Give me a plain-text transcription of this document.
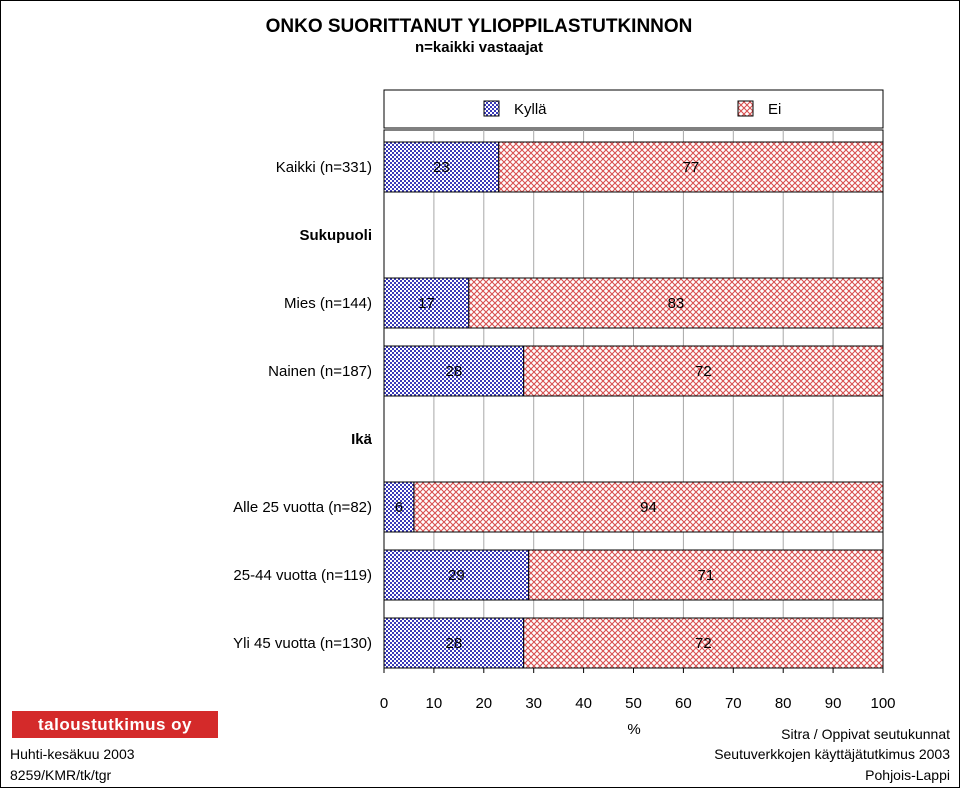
ONKO SUORITTANUT YLIOPPILASTUTKINNON
n=kaikki vastaajat
Kyllä	Ei
23	77
17	83
28	72
6	94
29	71
28	72
Kaikki (n=331)
Sukupuoli
Mies (n=144)
Nainen (n=187)
Ikä
Alle 25 vuotta (n=82)
25-44 vuotta (n=119)
Yli 45 vuotta (n=130)
0 10 20 30 40 50 60 70 80 90 100
%
Huhti-kesäkuu 2003
8259/KMR/tk/tgr
Sitra / Oppivat seutukunnat
Seutuverkkojen käyttäjätutkimus 2003
Pohjois-Lappi
taloustutkimus oy
